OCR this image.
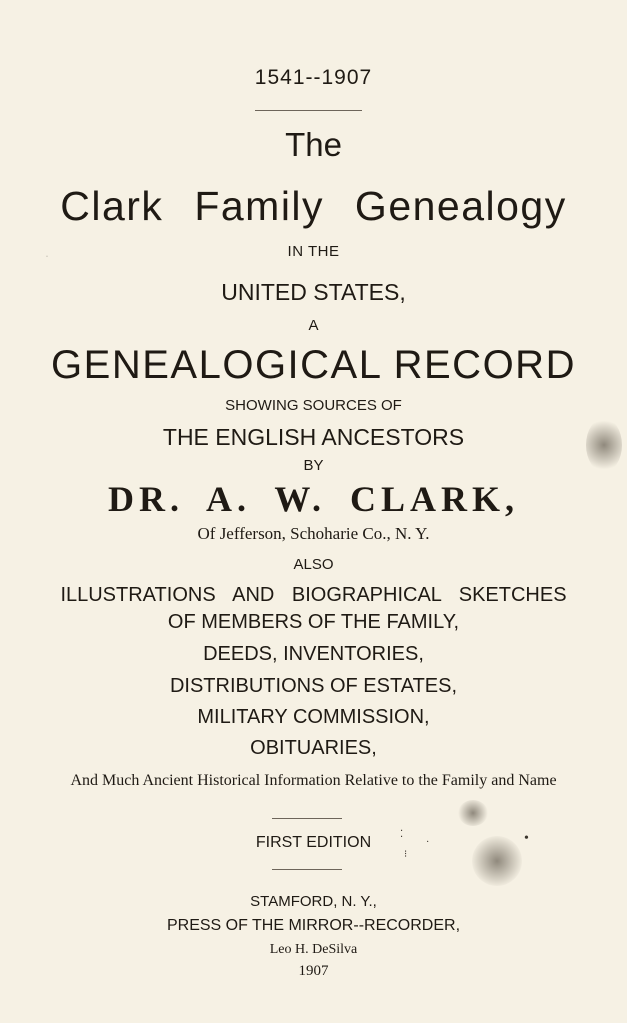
1541--1907
The
Clark Family Genealogy
IN THE
UNITED STATES,
A
GENEALOGICAL RECORD
SHOWING SOURCES OF
THE ENGLISH ANCESTORS
BY
DR. A. W. CLARK,
Of Jefferson, Schoharie Co., N. Y.
ALSO
ILLUSTRATIONS AND BIOGRAPHICAL SKETCHES
OF MEMBERS OF THE FAMILY,
DEEDS, INVENTORIES,
DISTRIBUTIONS OF ESTATES,
MILITARY COMMISSION,
OBITUARIES,
And Much Ancient Historical Information Relative to the Family and Name
FIRST EDITION
STAMFORD, N. Y.,
PRESS OF THE MIRROR--RECORDER,
Leo H. DeSilva
1907
⁚
⁝
·	•
·
